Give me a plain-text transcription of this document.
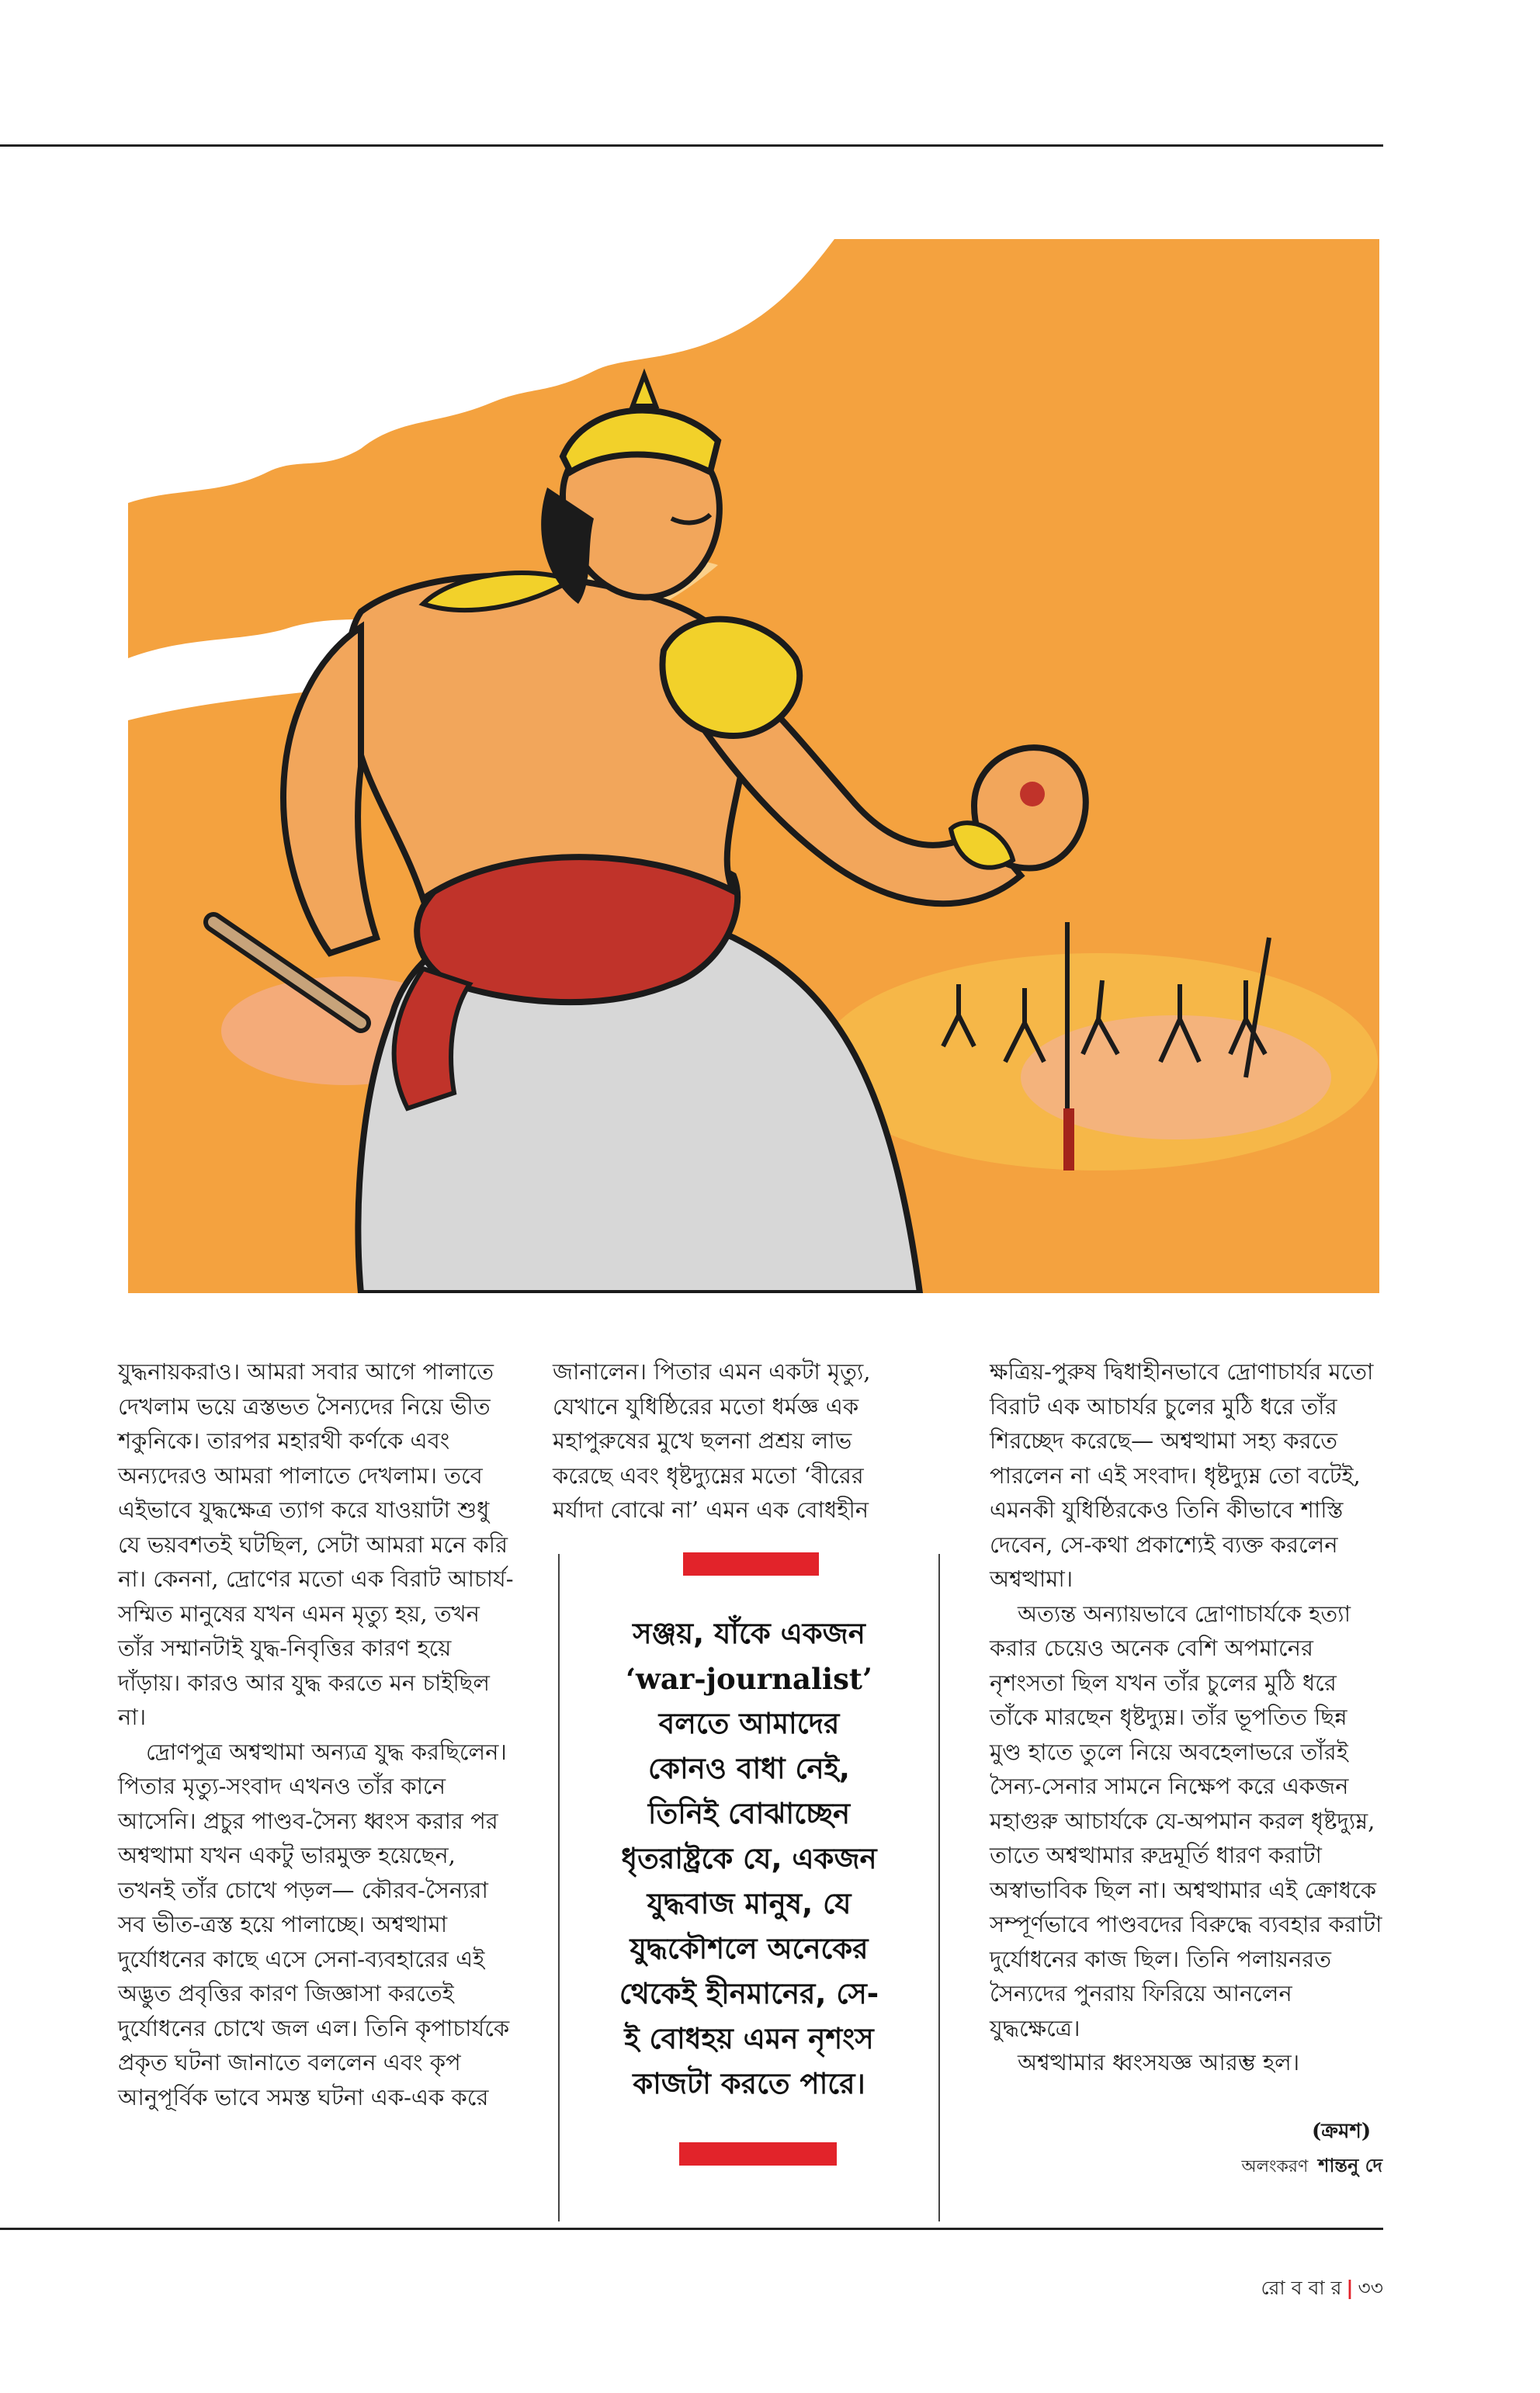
যুদ্ধনায়করাও। আমরা সবার আগে পালাতে দেখলাম ভয়ে ত্রস্তভত সৈন্যদের নিয়ে ভীত শকুনিকে। তারপর মহারথী কর্ণকে এবং অন্যদেরও আমরা পালাতে দেখলাম। তবে এইভাবে যুদ্ধক্ষেত্র ত্যাগ করে যাওয়াটা শুধু যে ভয়বশতই ঘটছিল, সেটা আমরা মনে করি না। কেননা, দ্রোণের মতো এক বিরাট আচার্য-সম্মিত মানুষের যখন এমন মৃত্যু হয়, তখন তাঁর সম্মানটাই যুদ্ধ-নিবৃত্তির কারণ হয়ে দাঁড়ায়। কারও আর যুদ্ধ করতে মন চাইছিল না।

দ্রোণপুত্র অশ্বত্থামা অন্যত্র যুদ্ধ করছিলেন। পিতার মৃত্যু-সংবাদ এখনও তাঁর কানে আসেনি। প্রচুর পাণ্ডব-সৈন্য ধ্বংস করার পর অশ্বত্থামা যখন একটু ভারমুক্ত হয়েছেন, তখনই তাঁর চোখে পড়ল— কৌরব-সৈন্যরা সব ভীত-ত্রস্ত হয়ে পালাচ্ছে। অশ্বত্থামা দুর্যোধনের কাছে এসে সেনা-ব্যবহারের এই অদ্ভুত প্রবৃত্তির কারণ জিজ্ঞাসা করতেই দুর্যোধনের চোখে জল এল। তিনি কৃপাচার্যকে প্রকৃত ঘটনা জানাতে বললেন এবং কৃপ আনুপূর্বিক ভাবে সমস্ত ঘটনা এক-এক করে

জানালেন। পিতার এমন একটা মৃত্যু, যেখানে যুধিষ্ঠিরের মতো ধর্মজ্ঞ এক মহাপুরুষের মুখে ছলনা প্রশ্রয় লাভ করেছে এবং ধৃষ্টদ্যুম্নের মতো ‘বীরের মর্যাদা বোঝে না’ এমন এক বোধহীন

ক্ষত্রিয়-পুরুষ দ্বিধাহীনভাবে দ্রোণাচার্যর মতো বিরাট এক আচার্যর চুলের মুঠি ধরে তাঁর শিরচ্ছেদ করেছে— অশ্বত্থামা সহ্য করতে পারলেন না এই সংবাদ। ধৃষ্টদ্যুম্ন তো বটেই, এমনকী যুধিষ্ঠিরকেও তিনি কীভাবে শাস্তি দেবেন, সে-কথা প্রকাশ্যেই ব্যক্ত করলেন অশ্বত্থামা।

অত্যন্ত অন্যায়ভাবে দ্রোণাচার্যকে হত্যা করার চেয়েও অনেক বেশি অপমানের নৃশংসতা ছিল যখন তাঁর চুলের মুঠি ধরে তাঁকে মারছেন ধৃষ্টদ্যুম্ন। তাঁর ভূপতিত ছিন্ন মুণ্ড হাতে তুলে নিয়ে অবহেলাভরে তাঁরই সৈন্য-সেনার সামনে নিক্ষেপ করে একজন মহাগুরু আচার্যকে যে-অপমান করল ধৃষ্টদ্যুম্ন, তাতে অশ্বত্থামার রুদ্রমূর্তি ধারণ করাটা অস্বাভাবিক ছিল না। অশ্বত্থামার এই ক্রোধকে সম্পূর্ণভাবে পাণ্ডবদের বিরুদ্ধে ব্যবহার করাটা দুর্যোধনের কাজ ছিল। তিনি পলায়নরত সৈন্যদের পুনরায় ফিরিয়ে আনলেন যুদ্ধক্ষেত্রে।

অশ্বত্থামার ধ্বংসযজ্ঞ আরম্ভ হল।

সঞ্জয়, যাঁকে একজন
‘war-journalist’
বলতে আমাদের
কোনও বাধা নেই,
তিনিই বোঝাচ্ছেন
ধৃতরাষ্ট্রকে যে, একজন
যুদ্ধবাজ মানুষ, যে
যুদ্ধকৌশলে অনেকের
থেকেই হীনমানের, সে-
ই বোধহয় এমন নৃশংস
কাজটা করতে পারে।
(ক্রমশ)
অলংকরণ শান্তনু দে
রো ব বা র | ৩৩
